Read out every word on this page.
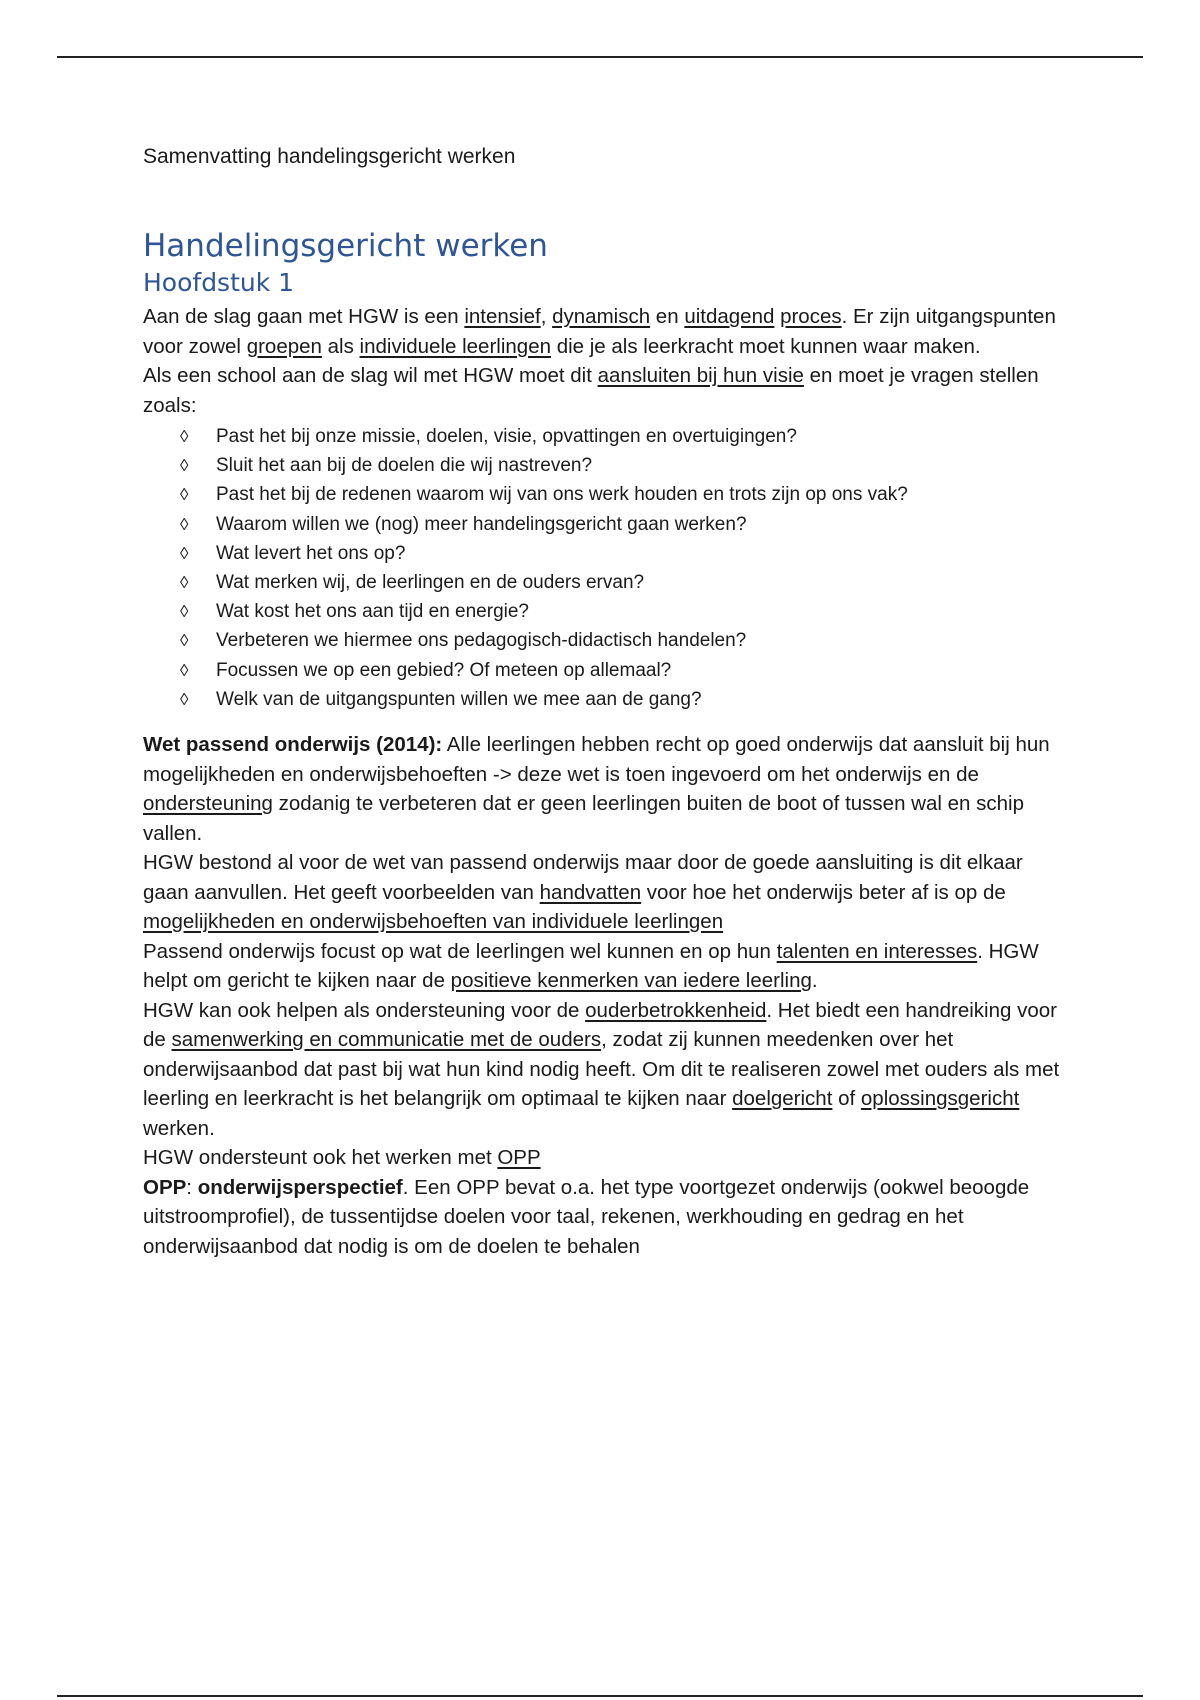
Samenvatting handelingsgericht werken
Handelingsgericht werken
Hoofdstuk 1

Aan de slag gaan met HGW is een intensief, dynamisch en uitdagend proces. Er zijn uitgangspunten voor zowel groepen als individuele leerlingen die je als leerkracht moet kunnen waar maken.

Als een school aan de slag wil met HGW moet dit aansluiten bij hun visie en moet je vragen stellen zoals:

◊ Past het bij onze missie, doelen, visie, opvattingen en overtuigingen?
◊ Sluit het aan bij de doelen die wij nastreven?
◊ Past het bij de redenen waarom wij van ons werk houden en trots zijn op ons vak?
◊ Waarom willen we (nog) meer handelingsgericht gaan werken?
◊ Wat levert het ons op?
◊ Wat merken wij, de leerlingen en de ouders ervan?
◊ Wat kost het ons aan tijd en energie?
◊ Verbeteren we hiermee ons pedagogisch-didactisch handelen?
◊ Focussen we op een gebied? Of meteen op allemaal?
◊ Welk van de uitgangspunten willen we mee aan de gang?

Wet passend onderwijs (2014): Alle leerlingen hebben recht op goed onderwijs dat aansluit bij hun mogelijkheden en onderwijsbehoeften -> deze wet is toen ingevoerd om het onderwijs en de ondersteuning zodanig te verbeteren dat er geen leerlingen buiten de boot of tussen wal en schip vallen.

HGW bestond al voor de wet van passend onderwijs maar door de goede aansluiting is dit elkaar gaan aanvullen. Het geeft voorbeelden van handvatten voor hoe het onderwijs beter af is op de mogelijkheden en onderwijsbehoeften van individuele leerlingen

Passend onderwijs focust op wat de leerlingen wel kunnen en op hun talenten en interesses. HGW helpt om gericht te kijken naar de positieve kenmerken van iedere leerling.

HGW kan ook helpen als ondersteuning voor de ouderbetrokkenheid. Het biedt een handreiking voor de samenwerking en communicatie met de ouders, zodat zij kunnen meedenken over het onderwijsaanbod dat past bij wat hun kind nodig heeft. Om dit te realiseren zowel met ouders als met leerling en leerkracht is het belangrijk om optimaal te kijken naar doelgericht of oplossingsgericht werken.

HGW ondersteunt ook het werken met OPP

OPP: onderwijsperspectief. Een OPP bevat o.a. het type voortgezet onderwijs (ookwel beoogde uitstroomprofiel), de tussentijdse doelen voor taal, rekenen, werkhouding en gedrag en het onderwijsaanbod dat nodig is om de doelen te behalen
